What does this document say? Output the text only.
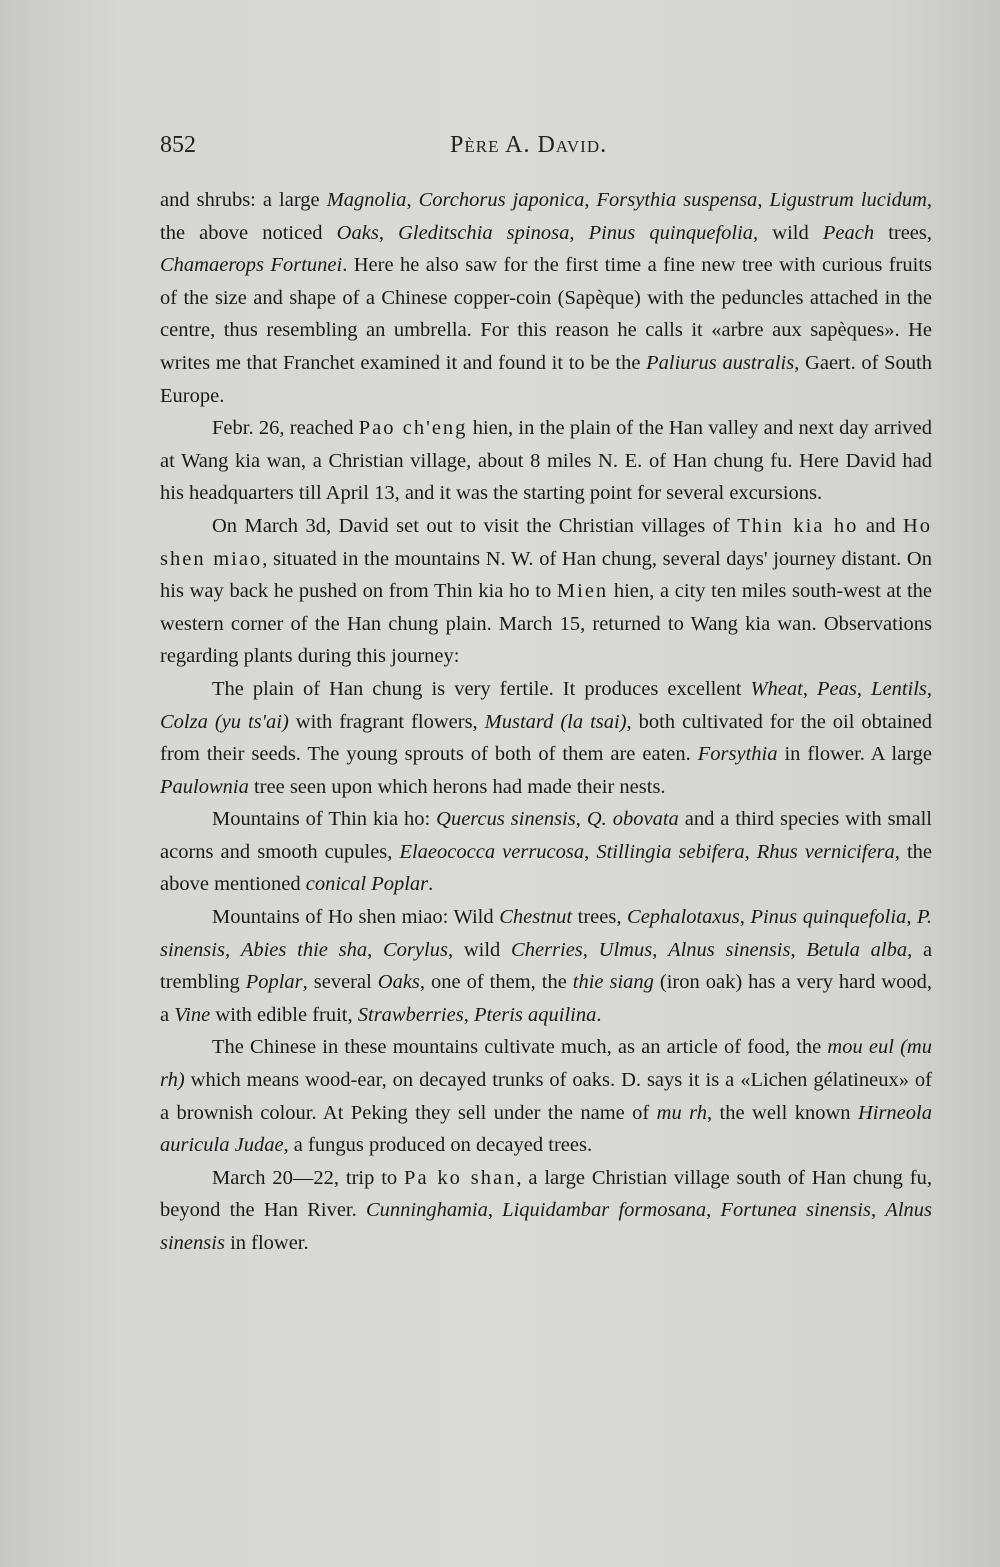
852	Père A. David.

and shrubs: a large Magnolia, Corchorus japonica, Forsythia suspensa, Ligustrum lucidum, the above noticed Oaks, Gleditschia spinosa, Pinus quinquefolia, wild Peach trees, Chamaerops Fortunei. Here he also saw for the first time a fine new tree with curious fruits of the size and shape of a Chinese copper-coin (Sapèque) with the peduncles attached in the centre, thus resembling an umbrella. For this reason he calls it «arbre aux sapèques». He writes me that Franchet examined it and found it to be the Paliurus australis, Gaert. of South Europe.

Febr. 26, reached Pao ch'eng hien, in the plain of the Han valley and next day arrived at Wang kia wan, a Christian village, about 8 miles N. E. of Han chung fu. Here David had his headquarters till April 13, and it was the starting point for several excursions.

On March 3d, David set out to visit the Christian villages of Thin kia ho and Ho shen miao, situated in the mountains N. W. of Han chung, several days' journey distant. On his way back he pushed on from Thin kia ho to Mien hien, a city ten miles south-west at the western corner of the Han chung plain. March 15, returned to Wang kia wan. Observations regarding plants during this journey:

The plain of Han chung is very fertile. It produces excellent Wheat, Peas, Lentils, Colza (yu ts'ai) with fragrant flowers, Mustard (la tsai), both cultivated for the oil obtained from their seeds. The young sprouts of both of them are eaten. Forsythia in flower. A large Paulownia tree seen upon which herons had made their nests.

Mountains of Thin kia ho: Quercus sinensis, Q. obovata and a third species with small acorns and smooth cupules, Elaeococca verrucosa, Stillingia sebifera, Rhus vernicifera, the above mentioned conical Poplar.

Mountains of Ho shen miao: Wild Chestnut trees, Cephalotaxus, Pinus quinquefolia, P. sinensis, Abies thie sha, Corylus, wild Cherries, Ulmus, Alnus sinensis, Betula alba, a trembling Poplar, several Oaks, one of them, the thie siang (iron oak) has a very hard wood, a Vine with edible fruit, Strawberries, Pteris aquilina.

The Chinese in these mountains cultivate much, as an article of food, the mou eul (mu rh) which means wood-ear, on decayed trunks of oaks. D. says it is a «Lichen gélatineux» of a brownish colour. At Peking they sell under the name of mu rh, the well known Hirneola auricula Judae, a fungus produced on decayed trees.

March 20—22, trip to Pa ko shan, a large Christian village south of Han chung fu, beyond the Han River. Cunninghamia, Liquidambar formosana, Fortunea sinensis, Alnus sinensis in flower.
